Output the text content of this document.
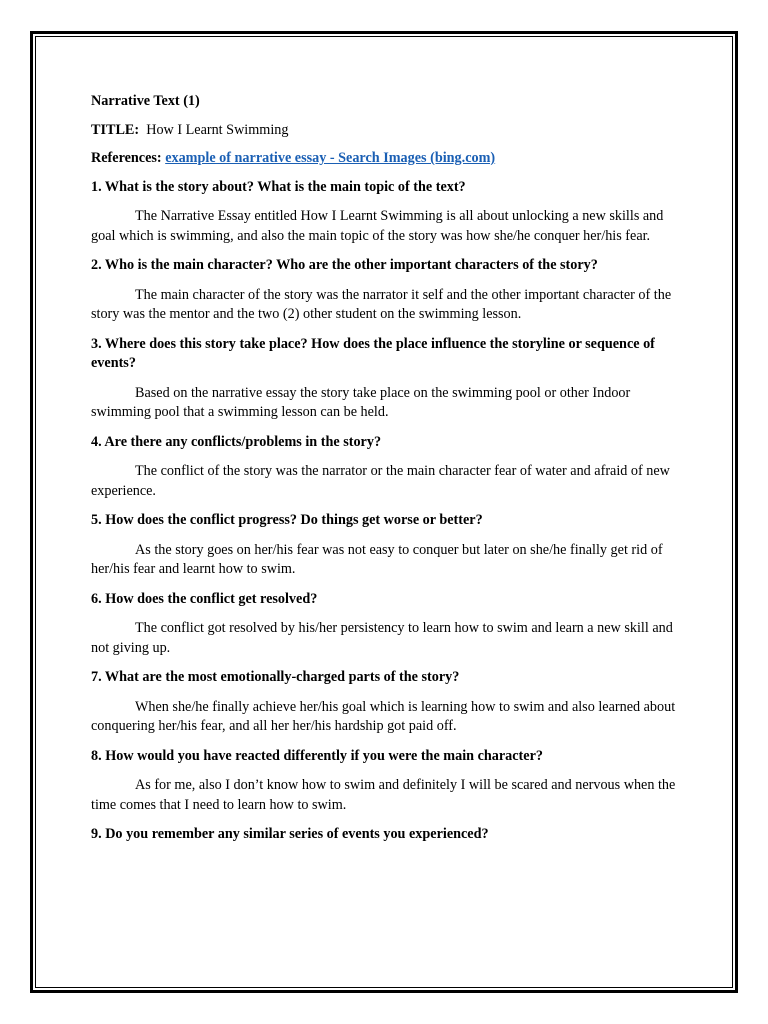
Narrative Text (1)

TITLE: How I Learnt Swimming

References: example of narrative essay - Search Images (bing.com)

1. What is the story about? What is the main topic of the text?

The Narrative Essay entitled How I Learnt Swimming is all about unlocking a new skills and goal which is swimming, and also the main topic of the story was how she/he conquer her/his fear.

2. Who is the main character? Who are the other important characters of the story?

The main character of the story was the narrator it self and the other important character of the story was the mentor and the two (2) other student on the swimming lesson.

3. Where does this story take place? How does the place influence the storyline or sequence of events?

Based on the narrative essay the story take place on the swimming pool or other Indoor swimming pool that a swimming lesson can be held.

4. Are there any conflicts/problems in the story?

The conflict of the story was the narrator or the main character fear of water and afraid of new experience.

5. How does the conflict progress? Do things get worse or better?

As the story goes on her/his fear was not easy to conquer but later on she/he finally get rid of her/his fear and learnt how to swim.

6. How does the conflict get resolved?

The conflict got resolved by his/her persistency to learn how to swim and learn a new skill and not giving up.

7. What are the most emotionally-charged parts of the story?

When she/he finally achieve her/his goal which is learning how to swim and also learned about conquering her/his fear, and all her her/his hardship got paid off.

8. How would you have reacted differently if you were the main character?

As for me, also I don’t know how to swim and definitely I will be scared and nervous when the time comes that I need to learn how to swim.

9. Do you remember any similar series of events you experienced?
